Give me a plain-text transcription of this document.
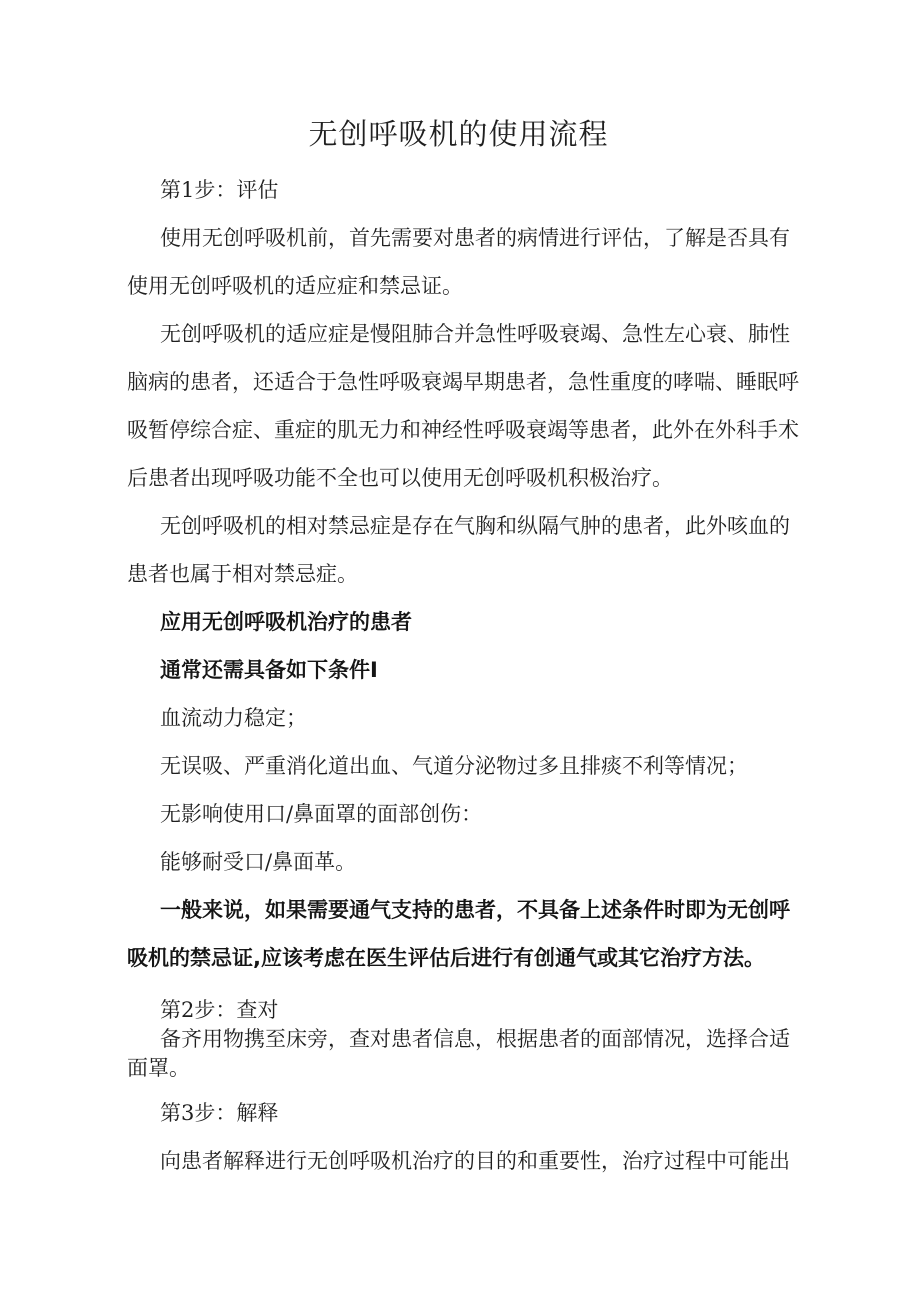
无创呼吸机的使用流程
第1步：评估
使用无创呼吸机前，首先需要对患者的病情进行评估，了解是否具有
使用无创呼吸机的适应症和禁忌证。
无创呼吸机的适应症是慢阻肺合并急性呼吸衰竭、急性左心衰、肺性
脑病的患者，还适合于急性呼吸衰竭早期患者，急性重度的哮喘、睡眠呼
吸暂停综合症、重症的肌无力和神经性呼吸衰竭等患者，此外在外科手术
后患者出现呼吸功能不全也可以使用无创呼吸机积极治疗。
无创呼吸机的相对禁忌症是存在气胸和纵隔气肿的患者，此外咳血的
患者也属于相对禁忌症。
应用无创呼吸机治疗的患者
通常还需具备如下条件I
血流动力稳定；
无误吸、严重消化道出血、气道分泌物过多且排痰不利等情况；
无影响使用口/鼻面罩的面部创伤：
能够耐受口/鼻面革。
一般来说，如果需要通气支持的患者，不具备上述条件时即为无创呼
吸机的禁忌证,应该考虑在医生评估后进行有创通气或其它治疗方法。
第2步：查对
备齐用物携至床旁，查对患者信息，根据患者的面部情况，选择合适
面罩。
第3步：解释
向患者解释进行无创呼吸机治疗的目的和重要性，治疗过程中可能出
